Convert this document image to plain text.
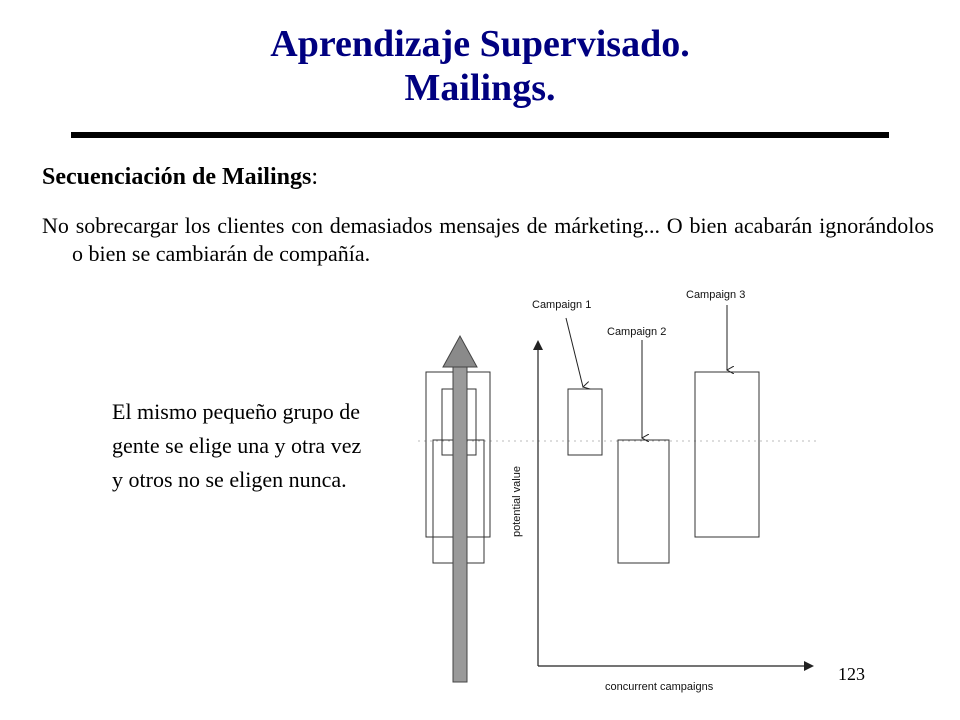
Aprendizaje Supervisado.
Mailings.
Secuenciación de Mailings:
No sobrecargar los clientes con demasiados mensajes de márketing... O bien acabarán ignorándolos o bien se cambiarán de compañía.
El mismo pequeño grupo de gente se elige una y otra vez y otros no se eligen nunca.
Campaign 1
Campaign 2
Campaign 3
potential value
concurrent campaigns
123
